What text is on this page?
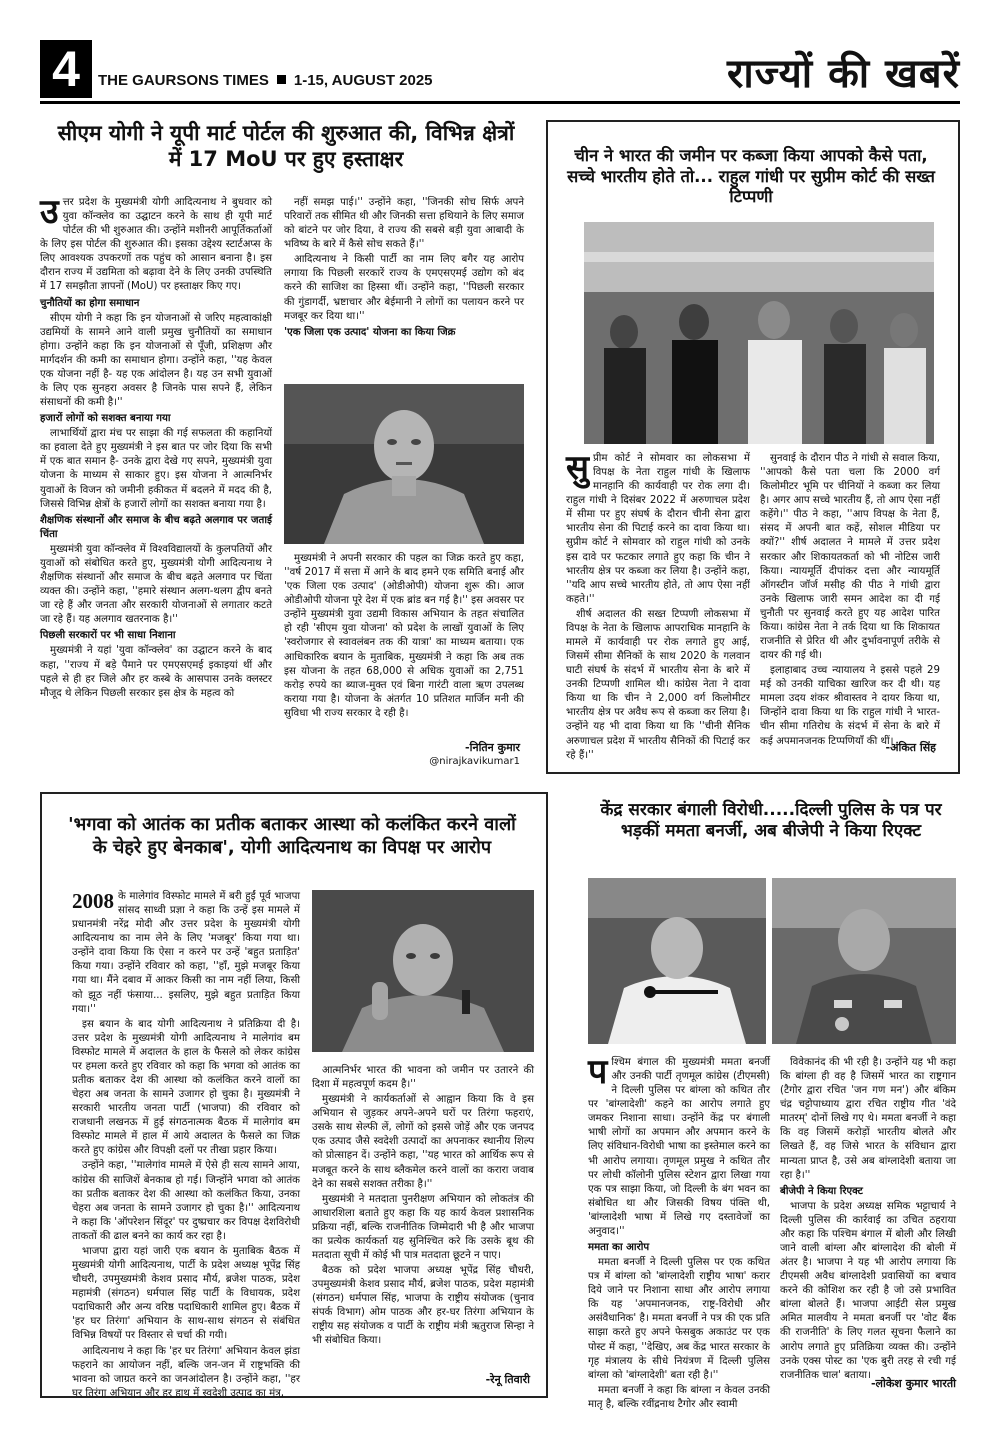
4	THE GAURSONS TIMES 1-15, AUGUST 2025	राज्यों की खबरें
सीएम योगी ने यूपी मार्ट पोर्टल की शुरुआत की, विभिन्न क्षेत्रों में 17 MoU पर हुए हस्ताक्षर
उ त्तर प्रदेश के मुख्यमंत्री योगी आदित्यनाथ ने बुधवार को युवा कॉन्क्लेव का उद्घाटन करने के साथ ही यूपी मार्ट पोर्टल की भी शुरुआत की। उन्होंने मशीनरी आपूर्तिकर्ताओं के लिए इस पोर्टल की शुरुआत की। इसका उद्देश्य स्टार्टअप्स के लिए आवश्यक उपकरणों तक पहुंच को आसान बनाना है। इस दौरान राज्य में उद्यमिता को बढ़ावा देने के लिए उनकी उपस्थिति में 17 समझौता ज्ञापनों (MoU) पर हस्ताक्षर किए गए।

चुनौतियों का होगा समाधान

सीएम योगी ने कहा कि इन योजनाओं से जरिए महत्वाकांक्षी उद्यमियों के सामने आने वाली प्रमुख चुनौतियों का समाधान होगा। उन्होंने कहा कि इन योजनाओं से पूँजी, प्रशिक्षण और मार्गदर्शन की कमी का समाधान होगा। उन्होंने कहा, ''यह केवल एक योजना नहीं है- यह एक आंदोलन है। यह उन सभी युवाओं के लिए एक सुनहरा अवसर है जिनके पास सपने हैं, लेकिन संसाधनों की कमी है।''

हजारों लोगों को सशक्त बनाया गया

लाभार्थियों द्वारा मंच पर साझा की गई सफलता की कहानियों का हवाला देते हुए मुख्यमंत्री ने इस बात पर जोर दिया कि सभी में एक बात समान है- उनके द्वारा देखे गए सपने, मुख्यमंत्री युवा योजना के माध्यम से साकार हुए। इस योजना ने आत्मनिर्भर युवाओं के विजन को जमीनी हकीकत में बदलने में मदद की है, जिससे विभिन्न क्षेत्रों के हजारों लोगों का सशक्त बनाया गया है।

शैक्षणिक संस्थानों और समाज के बीच बढ़ते अलगाव पर जताई चिंता

मुख्यमंत्री युवा कॉन्क्लेव में विश्वविद्यालयों के कुलपतियों और युवाओं को संबोधित करते हुए, मुख्यमंत्री योगी आदित्यनाथ ने शैक्षणिक संस्थानों और समाज के बीच बढ़ते अलगाव पर चिंता व्यक्त की। उन्होंने कहा, ''हमारे संस्थान अलग-थलग द्वीप बनते जा रहे हैं और जनता और सरकारी योजनाओं से लगातार कटते जा रहे हैं। यह अलगाव खतरनाक है।''

पिछली सरकारों पर भी साधा निशाना

मुख्यमंत्री ने यहां 'युवा कॉन्क्लेव' का उद्घाटन करने के बाद कहा, ''राज्य में बड़े पैमाने पर एमएसएमई इकाइयां थीं और पहले से ही हर जिले और हर कस्बे के आसपास उनके क्लस्टर मौजूद थे लेकिन पिछली सरकार इस क्षेत्र के महत्व को

नहीं समझ पाई।'' उन्होंने कहा, ''जिनकी सोच सिर्फ अपने परिवारों तक सीमित थी और जिनकी सत्ता हथियाने के लिए समाज को बांटने पर जोर दिया, वे राज्य की सबसे बड़ी युवा आबादी के भविष्य के बारे में कैसे सोच सकते हैं।''

आदित्यनाथ ने किसी पार्टी का नाम लिए बगैर यह आरोप लगाया कि पिछली सरकारें राज्य के एमएसएमई उद्योग को बंद करने की साजिश का हिस्सा थीं। उन्होंने कहा, ''पिछली सरकार की गुंडागर्दी, भ्रष्टाचार और बेईमानी ने लोगों का पलायन करने पर मजबूर कर दिया था।''

'एक जिला एक उत्पाद' योजना का किया जिक्र

मुख्यमंत्री ने अपनी सरकार की पहल का जिक्र करते हुए कहा, ''वर्ष 2017 में सत्ता में आने के बाद हमने एक समिति बनाई और 'एक जिला एक उत्पाद' (ओडीओपी) योजना शुरू की। आज ओडीओपी योजना पूरे देश में एक ब्रांड बन गई है।'' इस अवसर पर उन्होंने मुख्यमंत्री युवा उद्यमी विकास अभियान के तहत संचालित हो रही 'सीएम युवा योजना' को प्रदेश के लाखों युवाओं के लिए 'स्वरोजगार से स्वावलंबन तक की यात्रा' का माध्यम बताया। एक आधिकारिक बयान के मुताबिक, मुख्यमंत्री ने कहा कि अब तक इस योजना के तहत 68,000 से अधिक युवाओं का 2,751 करोड़ रुपये का ब्याज-मुक्त एवं बिना गारंटी वाला ऋण उपलब्ध कराया गया है। योजना के अंतर्गत 10 प्रतिशत मार्जिन मनी की सुविधा भी राज्य सरकार दे रही है।

-नितिन कुमार
@nirajkavikumar1
चीन ने भारत की जमीन पर कब्जा किया आपको कैसे पता, सच्चे भारतीय होते तो... राहुल गांधी पर सुप्रीम कोर्ट की सख्त टिप्पणी
सु प्रीम कोर्ट ने सोमवार का लोकसभा में विपक्ष के नेता राहुल गांधी के खिलाफ मानहानि की कार्यवाही पर रोक लगा दी। राहुल गांधी ने दिसंबर 2022 में अरुणाचल प्रदेश में सीमा पर हुए संघर्ष के दौरान चीनी सेना द्वारा भारतीय सेना की पिटाई करने का दावा किया था। सुप्रीम कोर्ट ने सोमवार को राहुल गांधी को उनके इस दावे पर फटकार लगाते हुए कहा कि चीन ने भारतीय क्षेत्र पर कब्जा कर लिया है। उन्होंने कहा, ''यदि आप सच्चे भारतीय होते, तो आप ऐसा नहीं कहते।''

शीर्ष अदालत की सख्त टिप्पणी लोकसभा में विपक्ष के नेता के खिलाफ आपराधिक मानहानि के मामले में कार्यवाही पर रोक लगाते हुए आई, जिसमें सीमा सैनिकों के साथ 2020 के गलवान घाटी संघर्ष के संदर्भ में भारतीय सेना के बारे में उनकी टिप्पणी शामिल थी। कांग्रेस नेता ने दावा किया था कि चीन ने 2,000 वर्ग किलोमीटर भारतीय क्षेत्र पर अवैध रूप से कब्जा कर लिया है। उन्होंने यह भी दावा किया था कि ''चीनी सैनिक अरुणाचल प्रदेश में भारतीय सैनिकों की पिटाई कर रहे हैं।''

सुनवाई के दौरान पीठ ने गांधी से सवाल किया, ''आपको कैसे पता चला कि 2000 वर्ग किलोमीटर भूमि पर चीनियों ने कब्जा कर लिया है। अगर आप सच्चे भारतीय हैं, तो आप ऐसा नहीं कहेंगे।'' पीठ ने कहा, ''आप विपक्ष के नेता हैं, संसद में अपनी बात कहें, सोशल मीडिया पर क्यों?'' शीर्ष अदालत ने मामले में उत्तर प्रदेश सरकार और शिकायतकर्ता को भी नोटिस जारी किया। न्यायमूर्ति दीपांकर दत्ता और न्यायमूर्ति ऑगस्टीन जॉर्ज मसीह की पीठ ने गांधी द्वारा उनके खिलाफ जारी समन आदेश का दी गई चुनौती पर सुनवाई करते हुए यह आदेश पारित किया। कांग्रेस नेता ने तर्क दिया था कि शिकायत राजनीति से प्रेरित थी और दुर्भावनापूर्ण तरीके से दायर की गई थी।

इलाहाबाद उच्च न्यायालय ने इससे पहले 29 मई को उनकी याचिका खारिज कर दी थी। यह मामला उदय शंकर श्रीवास्तव ने दायर किया था, जिन्होंने दावा किया था कि राहुल गांधी ने भारत-चीन सीमा गतिरोध के संदर्भ में सेना के बारे में कई अपमानजनक टिप्पणियाँ की थीं।

-अंकित सिंह
'भगवा को आतंक का प्रतीक बताकर आस्था को कलंकित करने वालों के चेहरे हुए बेनकाब', योगी आदित्यनाथ का विपक्ष पर आरोप
2008 के मालेगांव विस्फोट मामले में बरी हुईं पूर्व भाजपा सांसद साध्वी प्रज्ञा ने कहा कि उन्हें इस मामले में प्रधानमंत्री नरेंद्र मोदी और उत्तर प्रदेश के मुख्यमंत्री योगी आदित्यनाथ का नाम लेने के लिए 'मजबूर' किया गया था। उन्होंने दावा किया कि ऐसा न करने पर उन्हें 'बहुत प्रताड़ित' किया गया। उन्होंने रविवार को कहा, ''हाँ, मुझे मजबूर किया गया था। मैंने दबाव में आकर किसी का नाम नहीं लिया, किसी को झूठ नहीं फंसाया... इसलिए, मुझे बहुत प्रताड़ित किया गया।''

इस बयान के बाद योगी आदित्यनाथ ने प्रतिक्रिया दी है। उत्तर प्रदेश के मुख्यमंत्री योगी आदित्यनाथ ने मालेगांव बम विस्फोट मामले में अदालत के हाल के फैसले को लेकर कांग्रेस पर हमला करते हुए रविवार को कहा कि भगवा को आतंक का प्रतीक बताकर देश की आस्था को कलंकित करने वालों का चेहरा अब जनता के सामने उजागर हो चुका है। मुख्यमंत्री ने सरकारी भारतीय जनता पार्टी (भाजपा) की रविवार को राजधानी लखनऊ में हुई संगठनात्मक बैठक में मालेगांव बम विस्फोट मामले में हाल में आये अदालत के फैसले का जिक्र करते हुए कांग्रेस और विपक्षी दलों पर तीखा प्रहार किया।

उन्होंने कहा, ''मालेगांव मामले में ऐसे ही सत्य सामने आया, कांग्रेस की साजिशें बेनकाब हो गई। जिन्होंने भगवा को आतंक का प्रतीक बताकर देश की आस्था को कलंकित किया, उनका चेहरा अब जनता के सामने उजागर हो चुका है।'' आदित्यनाथ ने कहा कि 'ऑपरेशन सिंदूर' पर दुष्प्रचार कर विपक्ष देशविरोधी ताकतों की ढाल बनने का कार्य कर रहा है।

भाजपा द्वारा यहां जारी एक बयान के मुताबिक बैठक में मुख्यमंत्री योगी आदित्यनाथ, पार्टी के प्रदेश अध्यक्ष भूपेंद्र सिंह चौधरी, उपमुख्यमंत्री केशव प्रसाद मौर्य, ब्रजेश पाठक, प्रदेश महामंत्री (संगठन) धर्मपाल सिंह पार्टी के विधायक, प्रदेश पदाधिकारी और अन्य वरिष्ठ पदाधिकारी शामिल हुए। बैठक में 'हर घर तिरंगा' अभियान के साथ-साथ संगठन से संबंधित विभिन्न विषयों पर विस्तार से चर्चा की गयी।

आदित्यनाथ ने कहा कि 'हर घर तिरंगा' अभियान केवल झंडा फहराने का आयोजन नहीं, बल्कि जन-जन में राष्ट्रभक्ति की भावना को जाग्रत करने का जनआंदोलन है। उन्होंने कहा, ''हर घर तिरंगा अभियान और हर हाथ में स्वदेशी उत्पाद का मंत्र,

आत्मनिर्भर भारत की भावना को जमीन पर उतारने की दिशा में महत्वपूर्ण कदम है।''

मुख्यमंत्री ने कार्यकर्ताओं से आह्वान किया कि वे इस अभियान से जुड़कर अपने-अपने घरों पर तिरंगा फहराएं, उसके साथ सेल्फी लें, लोगों को इससे जोड़ें और एक जनपद एक उत्पाद जैसे स्वदेशी उत्पादों का अपनाकर स्थानीय शिल्प को प्रोत्साहन दें। उन्होंने कहा, ''यह भारत को आर्थिक रूप से मजबूत करने के साथ ब्लैकमेल करने वालों का करारा जवाब देने का सबसे सशक्त तरीका है।''

मुख्यमंत्री ने मतदाता पुनरीक्षण अभियान को लोकतंत्र की आधारशिला बताते हुए कहा कि यह कार्य केवल प्रशासनिक प्रक्रिया नहीं, बल्कि राजनीतिक जिम्मेदारी भी है और भाजपा का प्रत्येक कार्यकर्ता यह सुनिश्चित करे कि उसके बूथ की मतदाता सूची में कोई भी पात्र मतदाता छूटने न पाए।

बैठक को प्रदेश भाजपा अध्यक्ष भूपेंद्र सिंह चौधरी, उपमुख्यमंत्री केशव प्रसाद मौर्य, ब्रजेश पाठक, प्रदेश महामंत्री (संगठन) धर्मपाल सिंह, भाजपा के राष्ट्रीय संयोजक (चुनाव संपर्क विभाग) ओम पाठक और हर-घर तिरंगा अभियान के राष्ट्रीय सह संयोजक व पार्टी के राष्ट्रीय मंत्री ऋतुराज सिन्हा ने भी संबोधित किया।

-रेनू तिवारी
केंद्र सरकार बंगाली विरोधी.....दिल्ली पुलिस के पत्र पर भड़कीं ममता बनर्जी, अब बीजेपी ने किया रिएक्ट
प श्चिम बंगाल की मुख्यमंत्री ममता बनर्जी और उनकी पार्टी तृणमूल कांग्रेस (टीएमसी) ने दिल्ली पुलिस पर बांग्ला को कथित तौर पर 'बांग्लादेशी' कहने का आरोप लगाते हुए जमकर निशाना साधा। उन्होंने केंद्र पर बंगाली भाषी लोगों का अपमान और अपमान करने के लिए संविधान-विरोधी भाषा का इस्तेमाल करने का भी आरोप लगाया। तृणमूल प्रमुख ने कथित तौर पर लोधी कॉलोनी पुलिस स्टेशन द्वारा लिखा गया एक पत्र साझा किया, जो दिल्ली के बंग भवन का संबोधित था और जिसकी विषय पंक्ति थी, 'बांग्लादेशी भाषा में लिखे गए दस्तावेजों का अनुवाद।''

ममता का आरोप

ममता बनर्जी ने दिल्ली पुलिस पर एक कथित पत्र में बांग्ला को 'बांग्लादेशी राष्ट्रीय भाषा' करार दिये जाने पर निशाना साधा और आरोप लगाया कि यह 'अपमानजनक, राष्ट्र-विरोधी और असंवैधानिक' है। ममता बनर्जी ने पत्र की एक प्रति साझा करते हुए अपने फेसबुक अकाउंट पर एक पोस्ट में कहा, ''देखिए, अब केंद्र भारत सरकार के गृह मंत्रालय के सीधे नियंत्रण में दिल्ली पुलिस बांग्ला को 'बांग्लादेशी' बता रही है।''

ममता बनर्जी ने कहा कि बांग्ला न केवल उनकी मातृ है, बल्कि रवींद्रनाथ टैगोर और स्वामी

विवेकानंद की भी रही है। उन्होंने यह भी कहा कि बांग्ला ही वह है जिसमें भारत का राष्ट्रगान (टैगोर द्वारा रचित 'जन गण मन') और बंकिम चंद्र चट्टोपाध्याय द्वारा रचित राष्ट्रीय गीत 'वंदे मातरम्' दोनों लिखे गए थे। ममता बनर्जी ने कहा कि वह जिसमें करोड़ों भारतीय बोलते और लिखते हैं, वह जिसे भारत के संविधान द्वारा मान्यता प्राप्त है, उसे अब बांग्लादेशी बताया जा रहा है।''

बीजेपी ने किया रिएक्ट

भाजपा के प्रदेश अध्यक्ष समिक भट्टाचार्य ने दिल्ली पुलिस की कार्रवाई का उचित ठहराया और कहा कि पश्चिम बंगाल में बोली और लिखी जाने वाली बांग्ला और बांग्लादेश की बोली में अंतर है। भाजपा ने यह भी आरोप लगाया कि टीएमसी अवैध बांग्लादेशी प्रवासियों का बचाव करने की कोशिश कर रही है जो उसे प्रभावित बांग्ला बोलते हैं। भाजपा आईटी सेल प्रमुख अमित मालवीय ने ममता बनर्जी पर 'वोट बैंक की राजनीति' के लिए गलत सूचना फैलाने का आरोप लगाते हुए प्रतिक्रिया व्यक्त की। उन्होंने उनके एक्स पोस्ट का 'एक बुरी तरह से रची गई राजनीतिक चाल' बताया।

-लोकेश कुमार भारती
